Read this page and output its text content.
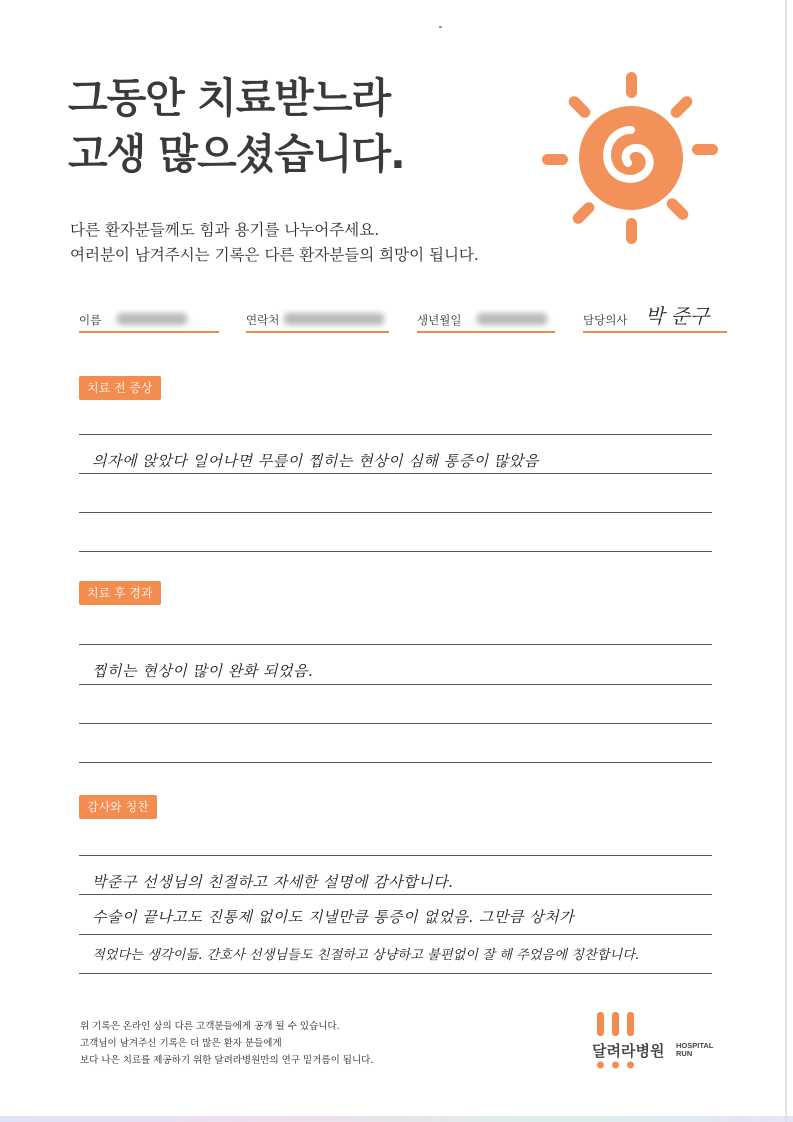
그동안 치료받느라
고생 많으셨습니다.
다른 환자분들께도 힘과 용기를 나누어주세요.
여러분이 남겨주시는 기록은 다른 환자분들의 희망이 됩니다.
이름	연락처	생년월일	담당의사 박 준구
치료 전 증상
의자에 앉았다 일어나면 무릎이 찝히는 현상이 심해 통증이 많았음
치료 후 경과
찝히는 현상이 많이 완화 되었음.
감사와 칭찬
박준구 선생님의 친절하고 자세한 설명에 감사합니다.
수술이 끝나고도 진통제 없이도 지낼만큼 통증이 없었음. 그만큼 상처가
적었다는 생각이듦. 간호사 선생님들도 친절하고 상냥하고 불편없이 잘 해 주었음에 칭찬합니다.
위 기록은 온라인 상의 다른 고객분들에게 공개 될 수 있습니다.
고객님이 남겨주신 기록은 더 많은 환자 분들에게
보다 나은 치료를 제공하기 위한 달려라병원만의 연구 밑거름이 됩니다.
달려라병원 HOSPITAL
RUN
